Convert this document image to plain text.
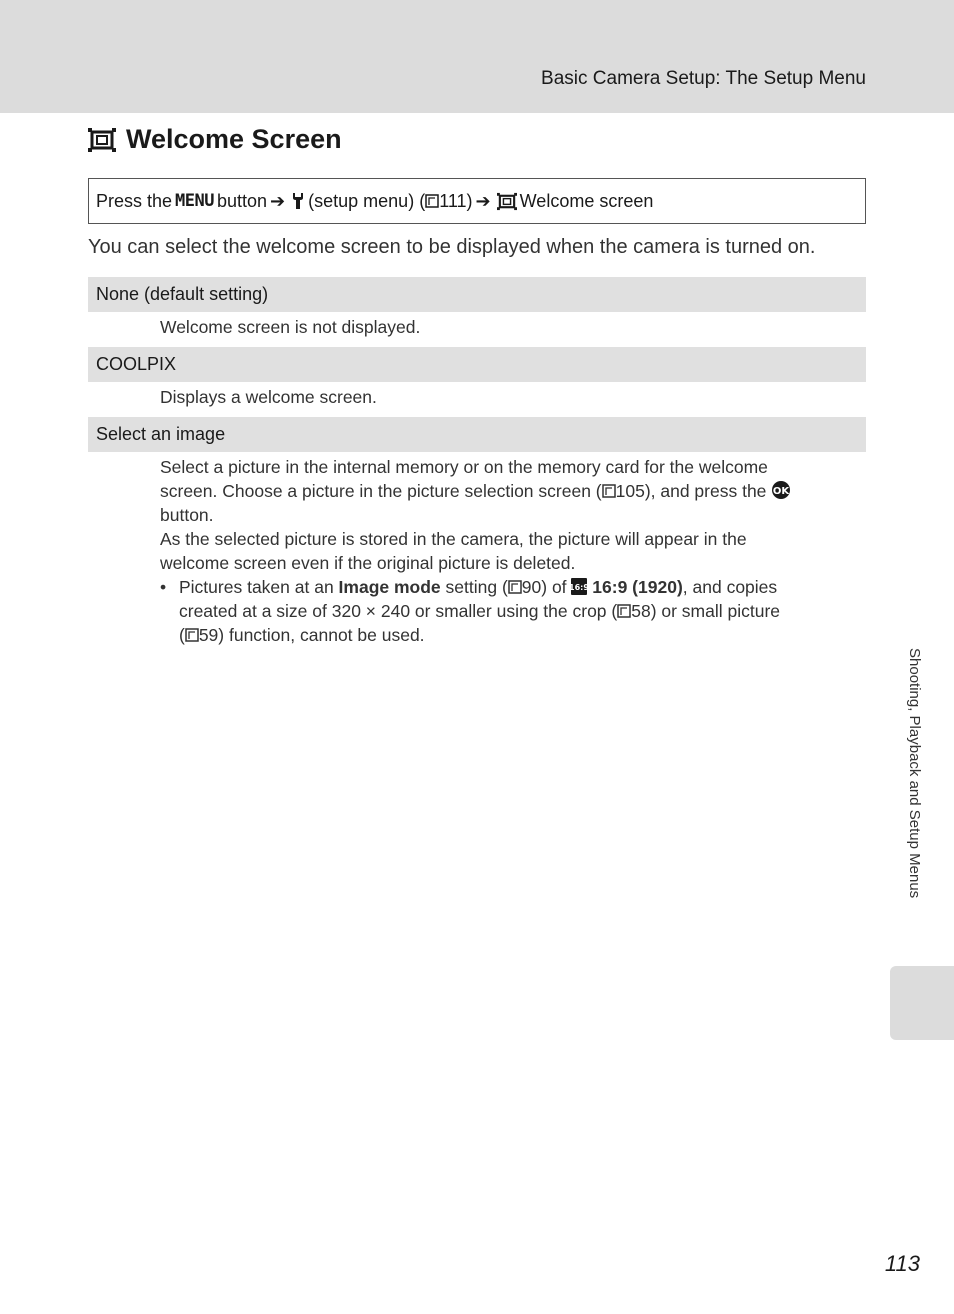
Basic Camera Setup: The Setup Menu
Welcome Screen
Press the MENU button ➔ (setup menu) ( 111) ➔ Welcome screen
You can select the welcome screen to be displayed when the camera is turned on.
None (default setting)

Welcome screen is not displayed.

COOLPIX

Displays a welcome screen.

Select an image

Select a picture in the internal memory or on the memory card for the welcome

screen. Choose a picture in the picture selection screen ( 105), and press the OK

button.

As the selected picture is stored in the camera, the picture will appear in the

welcome screen even if the original picture is deleted.

• Pictures taken at an Image mode setting ( 90) of 16:9 16:9 (1920), and copies
created at a size of 320 × 240 or smaller using the crop ( 58) or small picture
( 59) function, cannot be used.
Shooting, Playback and Setup Menus
113
